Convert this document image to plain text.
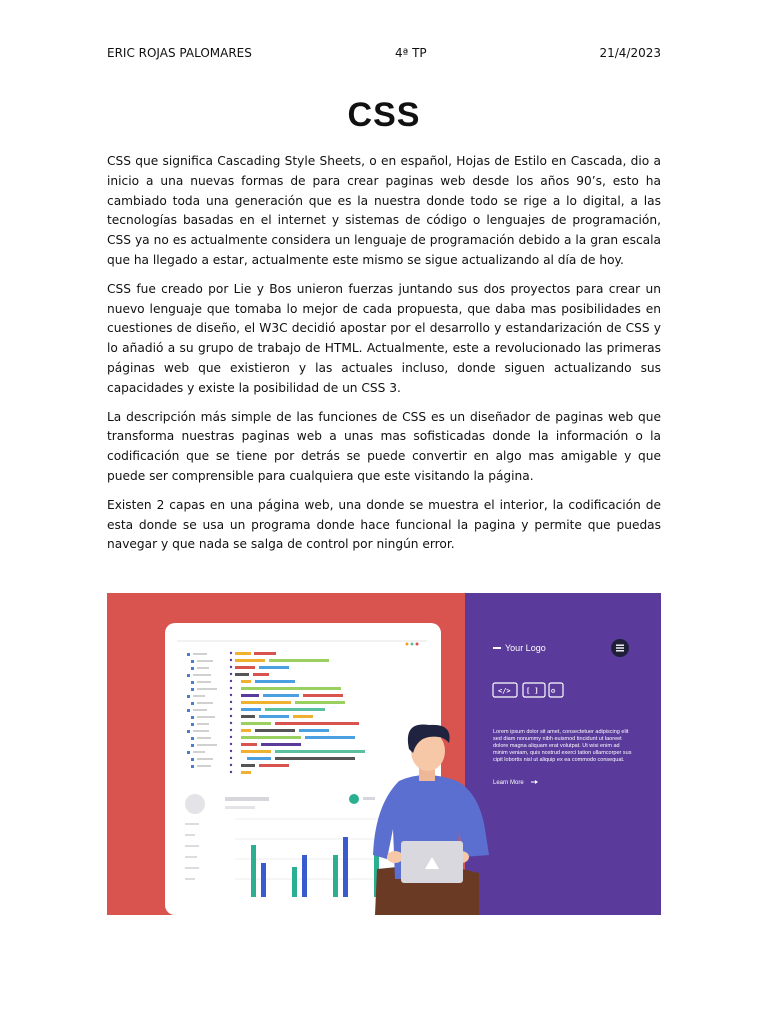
ERIC ROJAS PALOMARES	4ª TP	21/4/2023
CSS

CSS que significa Cascading Style Sheets, o en español, Hojas de Estilo en Cascada, dio a inicio a una nuevas formas de para crear paginas web desde los años 90’s, esto ha cambiado toda una generación que es la nuestra donde todo se rige a lo digital, a las tecnologías basadas en el internet y sistemas de código o lenguajes de programación, CSS ya no es actualmente considera un lenguaje de programación debido a la gran escala que ha llegado a estar, actualmente este mismo se sigue actualizando al día de hoy.

CSS fue creado por Lie y Bos unieron fuerzas juntando sus dos proyectos para crear un nuevo lenguaje que tomaba lo mejor de cada propuesta, que daba mas posibilidades en cuestiones de diseño, el W3C decidió apostar por el desarrollo y estandarización de CSS y lo añadió a su grupo de trabajo de HTML. Actualmente, este a revolucionado las primeras páginas web que existieron y las actuales incluso, donde siguen actualizando sus capacidades y existe la posibilidad de un CSS 3.

La descripción más simple de las funciones de CSS es un diseñador de paginas web que transforma nuestras paginas web a unas mas sofisticadas donde la información o la codificación que se tiene por detrás se puede convertir en algo mas amigable y que puede ser comprensible para cualquiera que este visitando la página.

Existen 2 capas en una página web, una donde se muestra el interior, la codificación de esta donde se usa un programa donde hace funcional la pagina y permite que puedas navegar y que nada se salga de control por ningún error.

Your Logo
</> [ ] ⚙
Lorem ipsum dolor sit amet, consectetuer adipiscing elit
sed diam nonummy nibh euismod tincidunt ut laoreet
dolore magna aliquam erat volutpat. Ut wisi enim ad
minim veniam, quis nostrud exerci tation ullamcorper sus
cipit lobortis nisl ut aliquip ex ea commodo consequat.
Learn More
